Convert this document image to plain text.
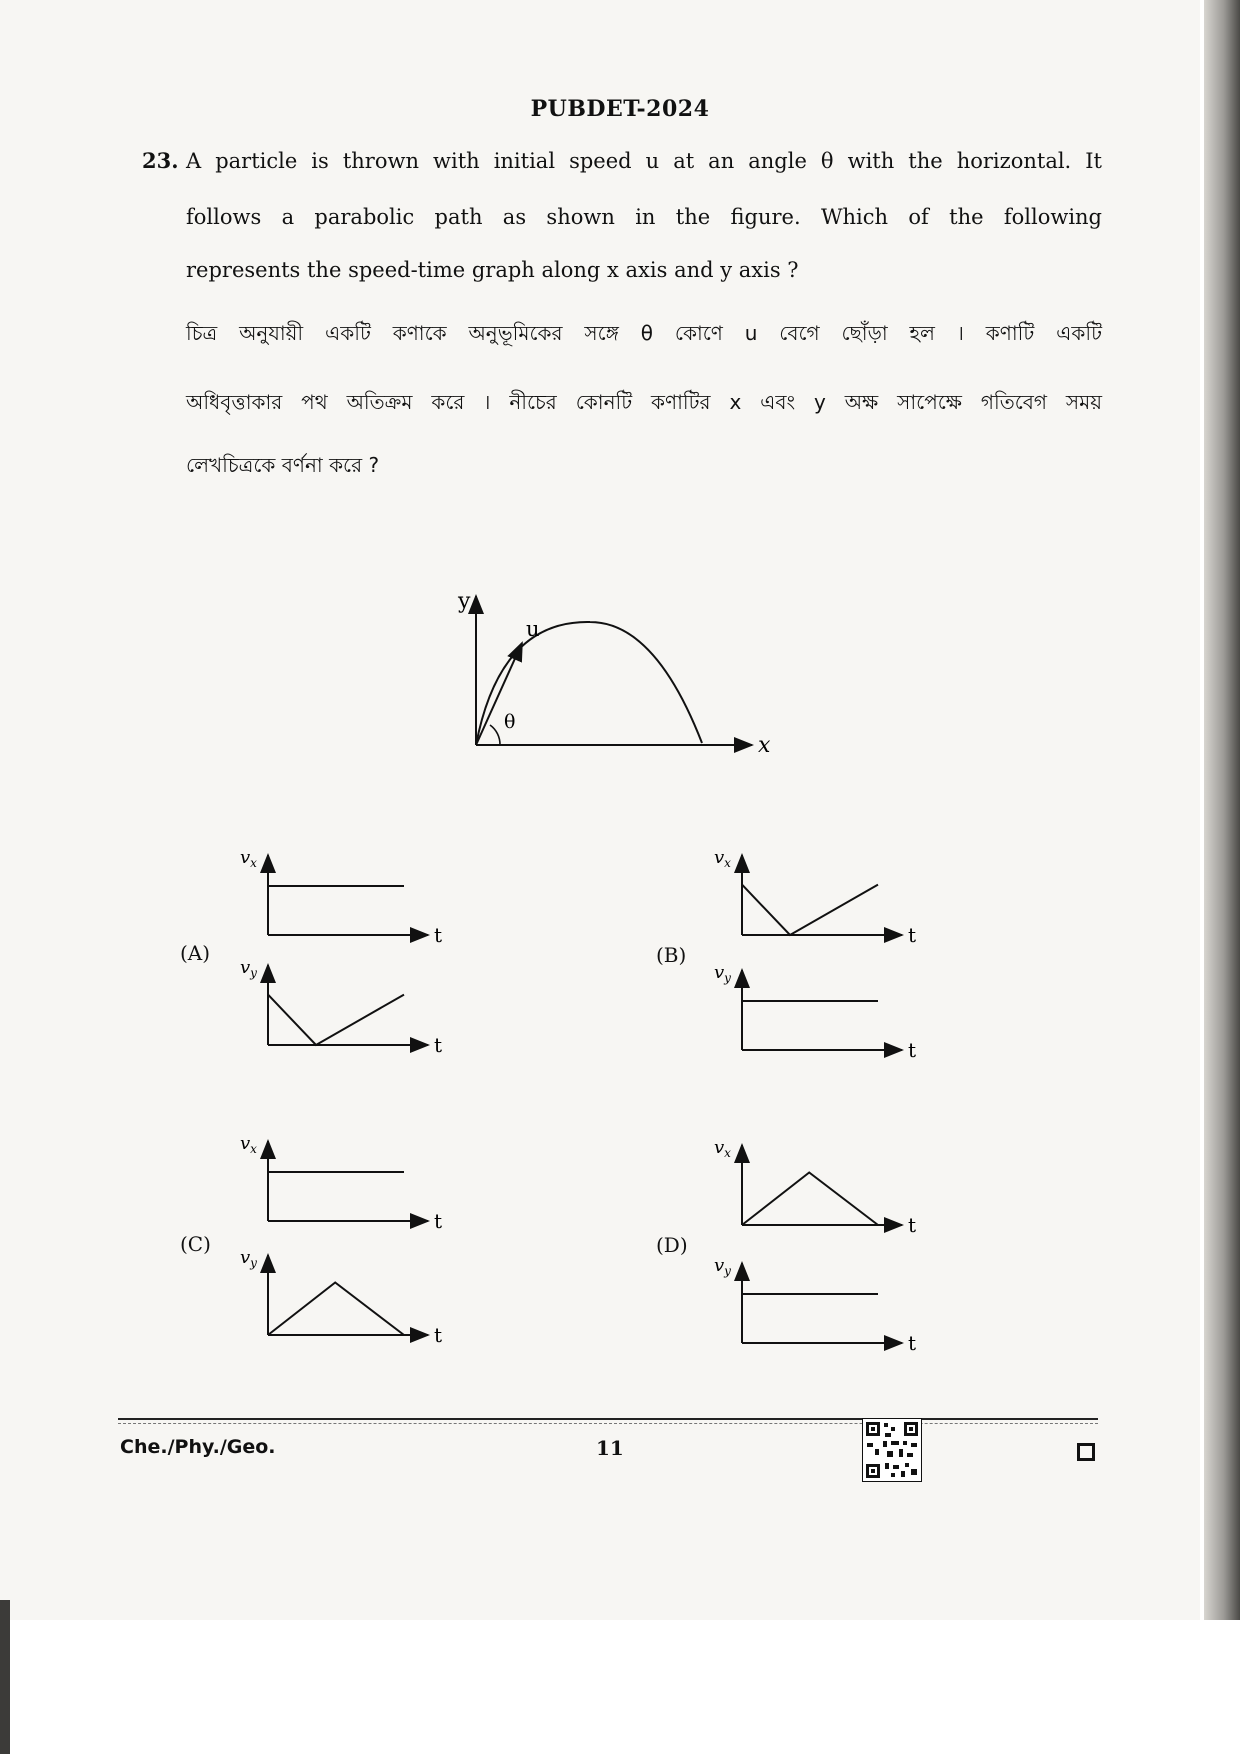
PUBDET-2024
23. A particle is thrown with initial speed u at an angle θ with the horizontal. It
follows a parabolic path as shown in the figure. Which of the following
represents the speed-time graph along x axis and y axis ?
চিত্র অনুযায়ী একটি কণাকে অনুভূমিকের সঙ্গে θ কোণে u বেগে ছোঁড়া হল । কণাটি একটি
অধিবৃত্তাকার পথ অতিক্রম করে । নীচের কোনটি কণাটির x এবং y অক্ষ সাপেক্ষে গতিবেগ সময়
লেখচিত্রকে বর্ণনা করে ?
y
x
u
θ
(A)	(B)
(C)	(D)
$v_x$
t
$v_y$
t
$v_x$
t
$v_y$
t
$v_x$
t
$v_y$
t
$v_x$
t
$v_y$
t
Che./Phy./Geo.	11
